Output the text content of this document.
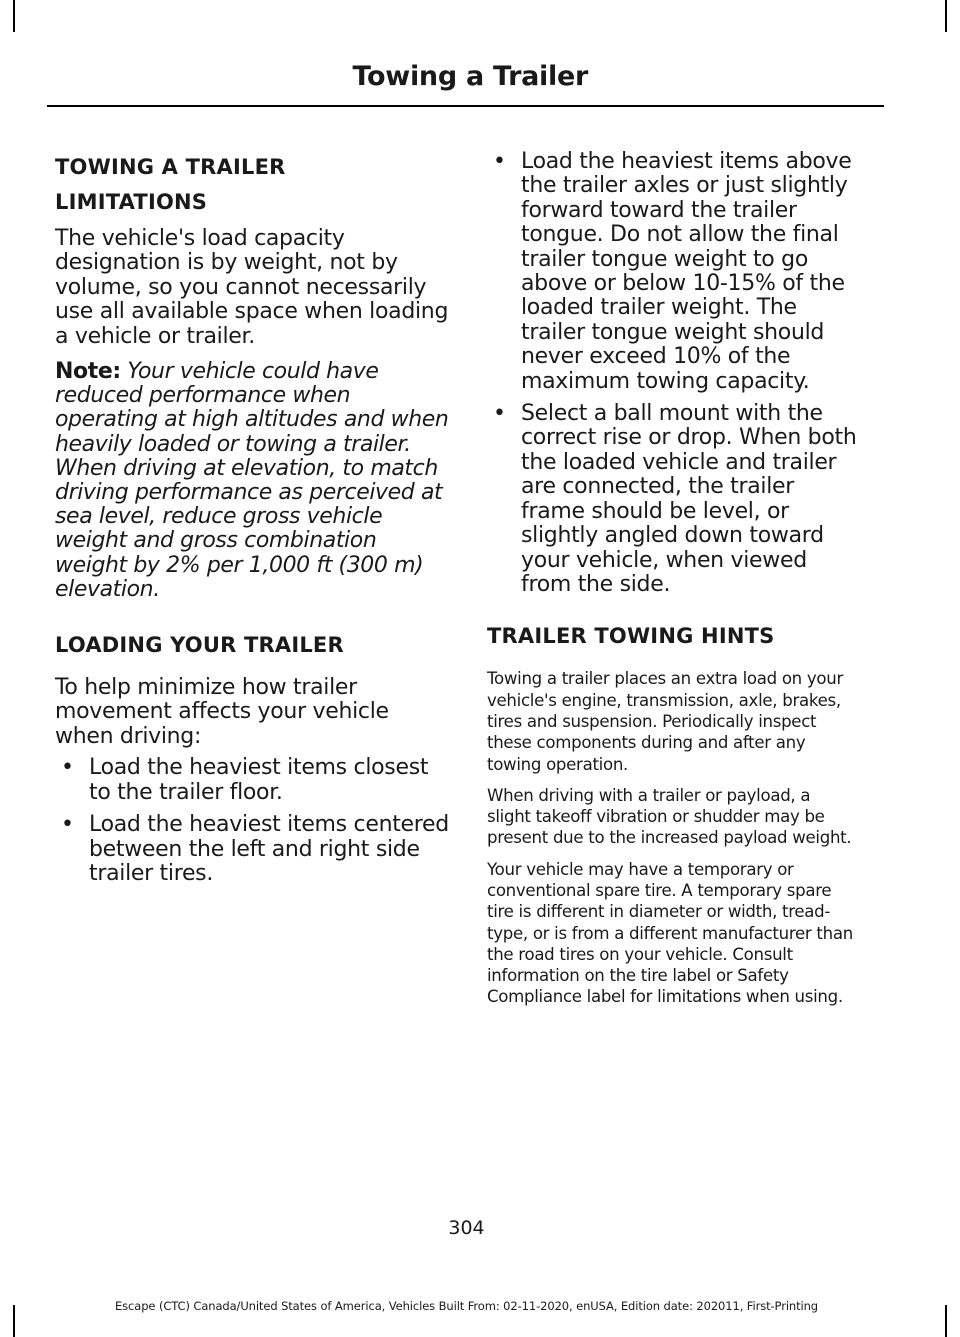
Towing a Trailer
TOWING A TRAILER
LIMITATIONS

The vehicle's load capacity designation is by weight, not by volume, so you cannot necessarily use all available space when loading a vehicle or trailer.

Note: Your vehicle could have reduced performance when operating at high altitudes and when heavily loaded or towing a trailer. When driving at elevation, to match driving performance as perceived at sea level, reduce gross vehicle weight and gross combination weight by 2% per 1,000 ft (300 m) elevation.

LOADING YOUR TRAILER

To help minimize how trailer movement affects your vehicle when driving:

• Load the heaviest items closest to the trailer floor.
• Load the heaviest items centered between the left and right side trailer tires.
• Load the heaviest items above the trailer axles or just slightly forward toward the trailer tongue. Do not allow the final trailer tongue weight to go above or below 10-15% of the loaded trailer weight. The trailer tongue weight should never exceed 10% of the maximum towing capacity.
• Select a ball mount with the correct rise or drop. When both the loaded vehicle and trailer are connected, the trailer frame should be level, or slightly angled down toward your vehicle, when viewed from the side.
TRAILER TOWING HINTS

Towing a trailer places an extra load on your vehicle's engine, transmission, axle, brakes, tires and suspension. Periodically inspect these components during and after any towing operation.

When driving with a trailer or payload, a slight takeoff vibration or shudder may be present due to the increased payload weight.

Your vehicle may have a temporary or conventional spare tire. A temporary spare tire is different in diameter or width, tread-type, or is from a different manufacturer than the road tires on your vehicle. Consult information on the tire label or Safety Compliance label for limitations when using.

304
Escape (CTC) Canada/United States of America, Vehicles Built From: 02-11-2020, enUSA, Edition date: 202011, First-Printing
